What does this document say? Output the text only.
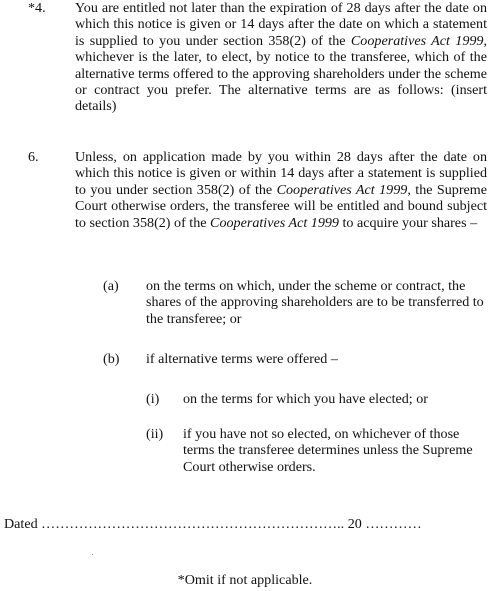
*4. You are entitled not later than the expiration of 28 days after the date on which this notice is given or 14 days after the date on which a statement is supplied to you under section 358(2) of the Cooperatives Act 1999, whichever is the later, to elect, by notice to the transferee, which of the alternative terms offered to the approving shareholders under the scheme or contract you prefer. The alternative terms are as follows: (insert details)
6.	Unless, on application made by you within 28 days after the date on which this notice is given or within 14 days after a statement is supplied to you under section 358(2) of the Cooperatives Act 1999, the Supreme Court otherwise orders, the transferee will be entitled and bound subject to section 358(2) of the Cooperatives Act 1999 to acquire your shares –
(a) on the terms on which, under the scheme or contract, the shares of the approving shareholders are to be transferred to the transferee; or
(b) if alternative terms were offered –
(i) on the terms for which you have elected; or
(ii) if you have not so elected, on whichever of those terms the transferee determines unless the Supreme Court otherwise orders.
Dated ……………………………………………………….. 20 …………
*Omit if not applicable.
